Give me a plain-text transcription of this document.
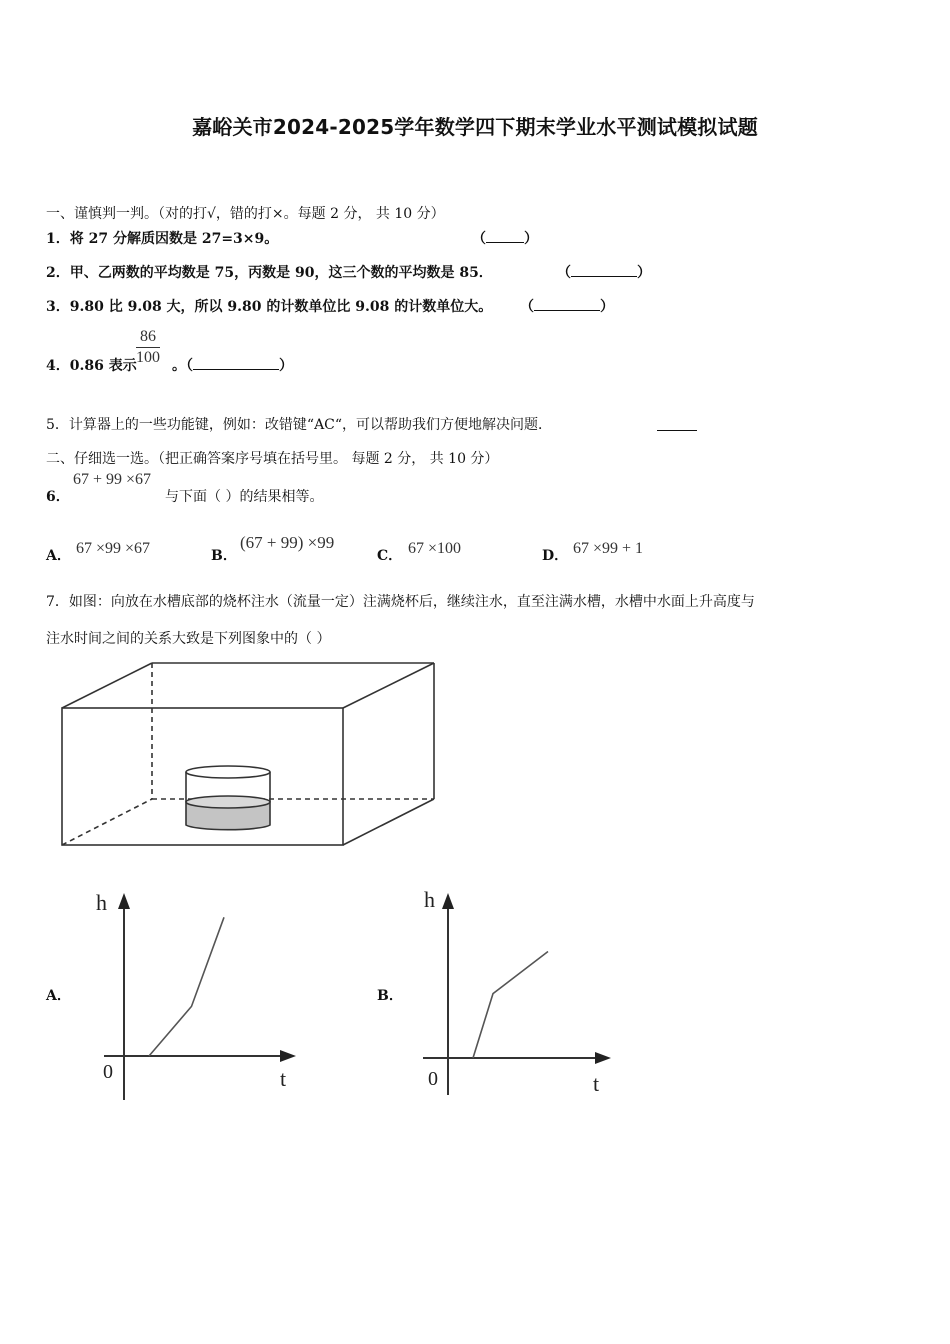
嘉峪关市2024-2025学年数学四下期末学业水平测试模拟试题
一、谨慎判一判。（对的打√，错的打×。每题 2 分， 共 10 分）
1．将 27 分解质因数是 27=3×9。	（	）
2．甲、乙两数的平均数是 75，丙数是 90，这三个数的平均数是 85．	（	）
3．9.80 比 9.08 大，所以 9.80 的计数单位比 9.08 的计数单位大。 （	）
4．0.86 表示 $\frac{86}{100}$ 。（	）
5．计算器上的一些功能键，例如：改错键“AC“，可以帮助我们方便地解决问题．
二、仔细选一选。（把正确答案序号填在括号里。 每题 2 分， 共 10 分）
6．
67 + 99 ×67
与下面（ ）的结果相等。
A． 67 ×99 ×67	B．
(67 + 99) ×99
C． 67 ×100	D． 67 ×99 + 1
7．如图：向放在水槽底部的烧杯注水（流量一定）注满烧杯后，继续注水，直至注满水槽，水槽中水面上升高度与
注水时间之间的关系大致是下列图象中的（ ）
A．	B．
h
t
0
h
t
0
